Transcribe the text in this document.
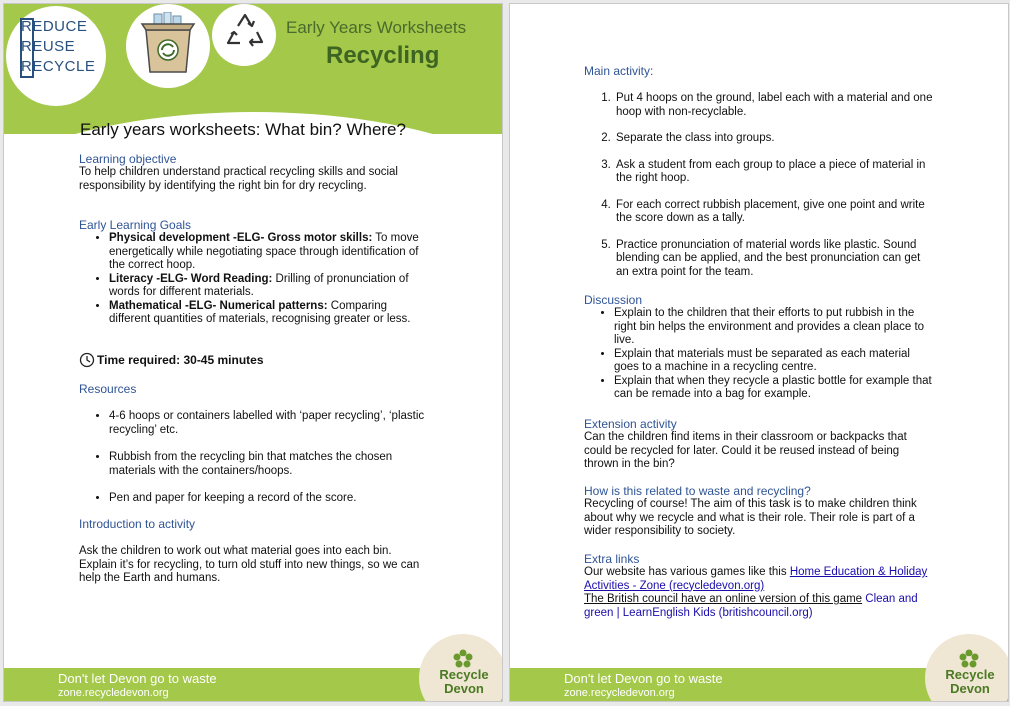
REDUCE
REUSE
RECYCLE
Early Years Worksheets
Recycling
Early years worksheets: What bin? Where?

Learning objective

To help children understand practical recycling skills and social responsibility by identifying the right bin for dry recycling.

Early Learning Goals

• Physical development -ELG- Gross motor skills: To move energetically while negotiating space through identification of the correct hoop.
• Literacy -ELG- Word Reading: Drilling of pronunciation of words for different materials.
• Mathematical -ELG- Numerical patterns: Comparing different quantities of materials, recognising greater or less.
Time required: 30-45 minutes

Resources

• 4-6 hoops or containers labelled with ‘paper recycling’, ‘plastic recycling’ etc.
• Rubbish from the recycling bin that matches the chosen materials with the containers/hoops.
• Pen and paper for keeping a record of the score.

Introduction to activity

Ask the children to work out what material goes into each bin. Explain it’s for recycling, to turn old stuff into new things, so we can help the Earth and humans.

Don't let Devon go to waste
zone.recycledevon.org
Recycle
Devon

Main activity:

1. Put 4 hoops on the ground, label each with a material and one hoop with non-recyclable.
2. Separate the class into groups.
3. Ask a student from each group to place a piece of material in the right hoop.
4. For each correct rubbish placement, give one point and write the score down as a tally.
5. Practice pronunciation of material words like plastic. Sound blending can be applied, and the best pronunciation can get an extra point for the team.

Discussion

• Explain to the children that their efforts to put rubbish in the right bin helps the environment and provides a clean place to live.
• Explain that materials must be separated as each material goes to a machine in a recycling centre.
• Explain that when they recycle a plastic bottle for example that can be remade into a bag for example.

Extension activity

Can the children find items in their classroom or backpacks that could be recycled for later. Could it be reused instead of being thrown in the bin?

How is this related to waste and recycling?

Recycling of course! The aim of this task is to make children think about why we recycle and what is their role. Their role is part of a wider responsibility to society.

Extra links

Our website has various games like this Home Education & Holiday Activities - Zone (recycledevon.org)

The British council have an online version of this game Clean and green | LearnEnglish Kids (britishcouncil.org)

Don't let Devon go to waste
zone.recycledevon.org
Recycle
Devon
